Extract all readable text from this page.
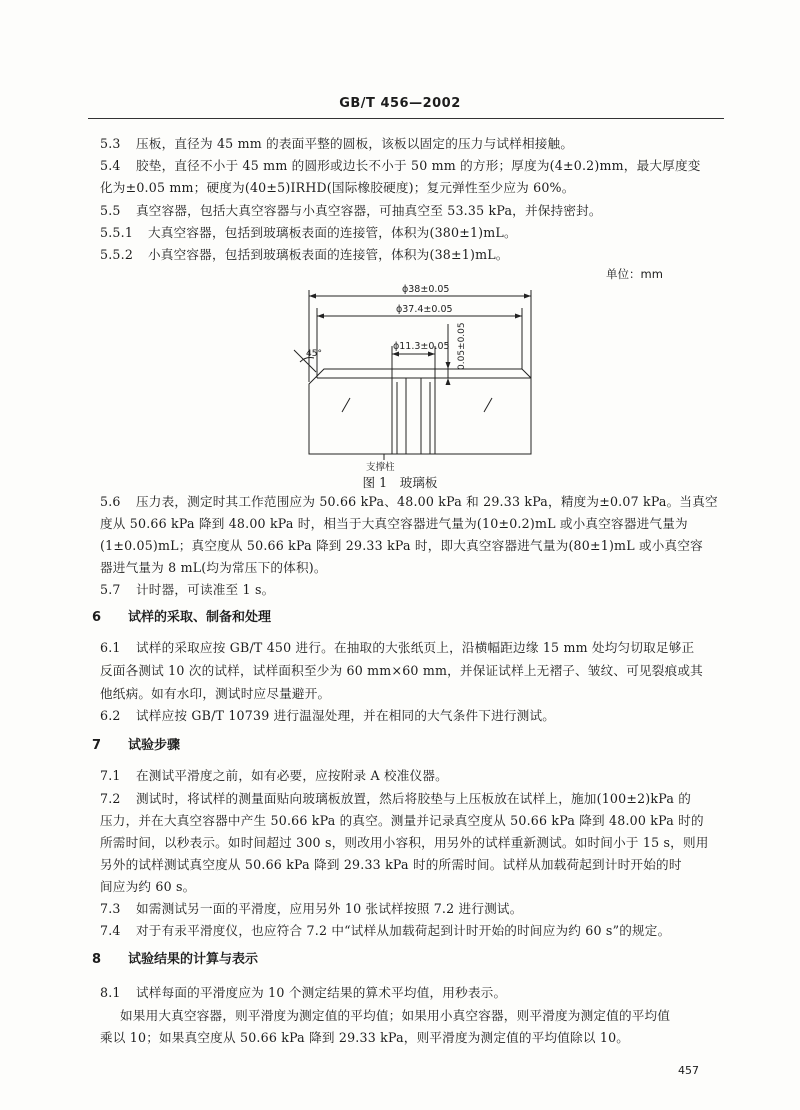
GB/T 456—2002
5.3 压板，直径为 45 mm 的表面平整的圆板，该板以固定的压力与试样相接触。
5.4 胶垫，直径不小于 45 mm 的圆形或边长不小于 50 mm 的方形；厚度为(4±0.2)mm，最大厚度变
化为±0.05 mm；硬度为(40±5)IRHD(国际橡胶硬度)；复元弹性至少应为 60%。
5.5 真空容器，包括大真空容器与小真空容器，可抽真空至 53.35 kPa，并保持密封。
5.5.1 大真空容器，包括到玻璃板表面的连接管，体积为(380±1)mL。
5.5.2 小真空容器，包括到玻璃板表面的连接管，体积为(38±1)mL。
单位：mm
ϕ38±0.05
ϕ37.4±0.05
45°
ϕ11.3±0.05 0.05±0.05
支撑柱
图 1　玻璃板
5.6 压力表，测定时其工作范围应为 50.66 kPa、48.00 kPa 和 29.33 kPa，精度为±0.07 kPa。当真空
度从 50.66 kPa 降到 48.00 kPa 时，相当于大真空容器进气量为(10±0.2)mL 或小真空容器进气量为
(1±0.05)mL；真空度从 50.66 kPa 降到 29.33 kPa 时，即大真空容器进气量为(80±1)mL 或小真空容
器进气量为 8 mL(均为常压下的体积)。
5.7 计时器，可读准至 1 s。
6 试样的采取、制备和处理
6.1 试样的采取应按 GB/T 450 进行。在抽取的大张纸页上，沿横幅距边缘 15 mm 处均匀切取足够正
反面各测试 10 次的试样，试样面积至少为 60 mm×60 mm，并保证试样上无褶子、皱纹、可见裂痕或其
他纸病。如有水印，测试时应尽量避开。
6.2 试样应按 GB/T 10739 进行温湿处理，并在相同的大气条件下进行测试。
7 试验步骤
7.1 在测试平滑度之前，如有必要，应按附录 A 校准仪器。
7.2 测试时，将试样的测量面贴向玻璃板放置，然后将胶垫与上压板放在试样上，施加(100±2)kPa 的
压力，并在大真空容器中产生 50.66 kPa 的真空。测量并记录真空度从 50.66 kPa 降到 48.00 kPa 时的
所需时间，以秒表示。如时间超过 300 s，则改用小容积，用另外的试样重新测试。如时间小于 15 s，则用
另外的试样测试真空度从 50.66 kPa 降到 29.33 kPa 时的所需时间。试样从加载荷起到计时开始的时
间应为约 60 s。
7.3 如需测试另一面的平滑度，应用另外 10 张试样按照 7.2 进行测试。
7.4 对于有汞平滑度仪，也应符合 7.2 中“试样从加载荷起到计时开始的时间应为约 60 s”的规定。
8 试验结果的计算与表示
8.1 试样每面的平滑度应为 10 个测定结果的算术平均值，用秒表示。
如果用大真空容器，则平滑度为测定值的平均值；如果用小真空容器，则平滑度为测定值的平均值
乘以 10；如果真空度从 50.66 kPa 降到 29.33 kPa，则平滑度为测定值的平均值除以 10。
457
